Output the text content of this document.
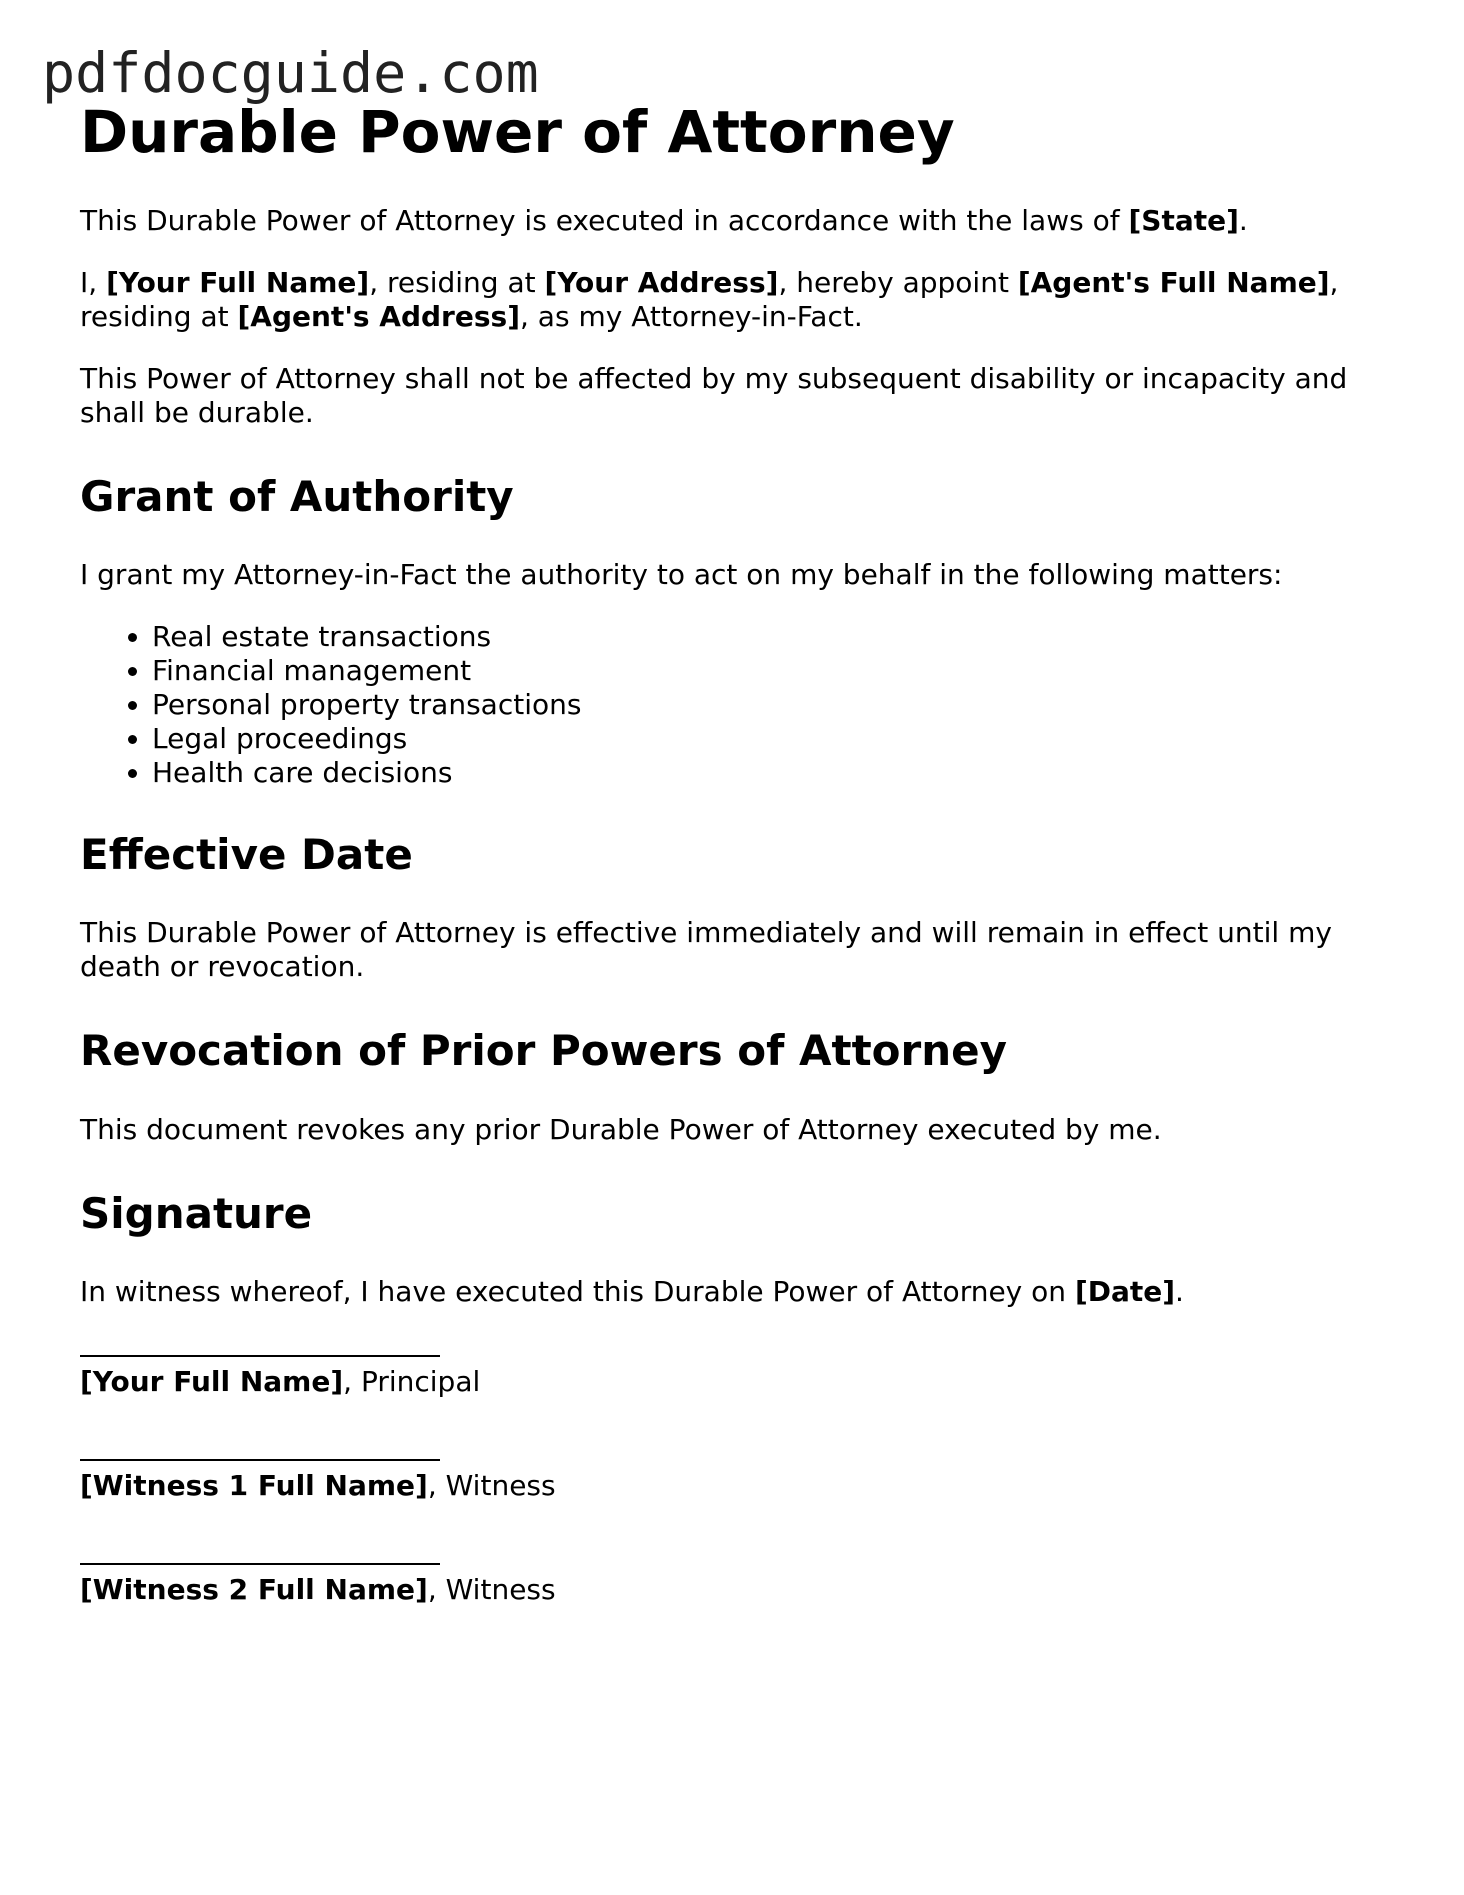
pdfdocguide.com
Durable Power of Attorney

This Durable Power of Attorney is executed in accordance with the laws of [State].

I, [Your Full Name], residing at [Your Address], hereby appoint [Agent's Full Name], residing at [Agent's Address], as my Attorney-in-Fact.

This Power of Attorney shall not be affected by my subsequent disability or incapacity and shall be durable.

Grant of Authority

I grant my Attorney-in-Fact the authority to act on my behalf in the following matters:

• Real estate transactions
• Financial management
• Personal property transactions
• Legal proceedings
• Health care decisions
Effective Date

This Durable Power of Attorney is effective immediately and will remain in effect until my death or revocation.

Revocation of Prior Powers of Attorney

This document revokes any prior Durable Power of Attorney executed by me.

Signature

In witness whereof, I have executed this Durable Power of Attorney on [Date].

[Your Full Name], Principal
[Witness 1 Full Name], Witness
[Witness 2 Full Name], Witness
